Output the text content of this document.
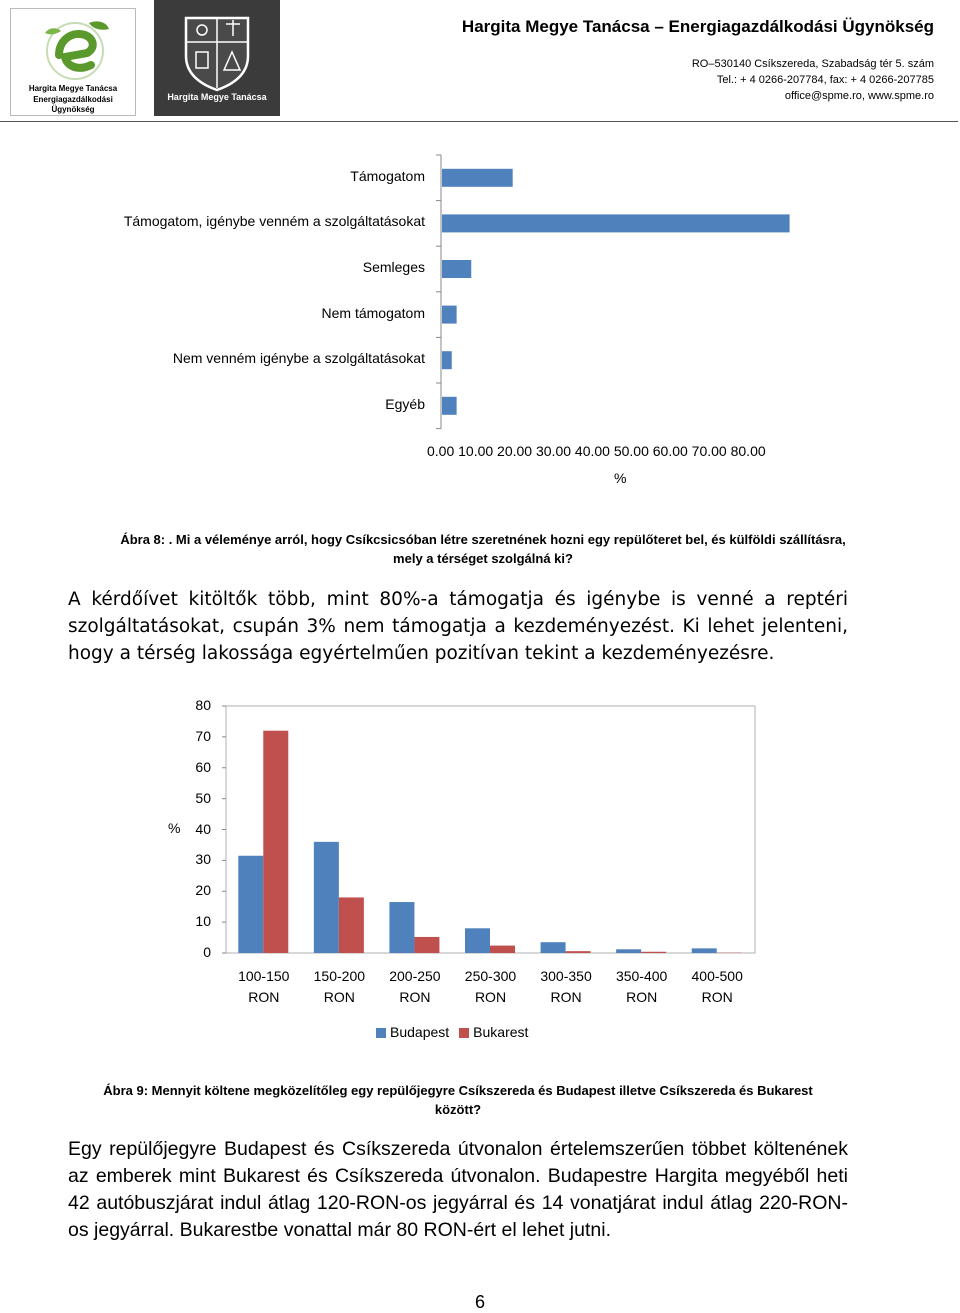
Hargita Megye Tanácsa
Energiagazdálkodási Ügynökség
Hargita Megye Tanácsa
Hargita Megye Tanácsa – Energiagazdálkodási Ügynökség
RO–530140 Csíkszereda, Szabadság tér 5. szám
Tel.: + 4 0266-207784, fax: + 4 0266-207785
office@spme.ro, www.spme.ro
Támogatom
Támogatom, igénybe venném a szolgáltatásokat
Semleges
Nem támogatom
Nem venném igénybe a szolgáltatásokat
Egyéb
0.00 10.00 20.00 30.00 40.00 50.00 60.00 70.00 80.00
%
Ábra 8: . Mi a véleménye arról, hogy Csíkcsicsóban létre szeretnének hozni egy repülőteret bel, és külföldi szállításra,
mely a térséget szolgálná ki?
A kérdőívet kitöltők több, mint 80%-a támogatja és igénybe is venné a reptéri szolgáltatásokat, csupán 3% nem támogatja a kezdeményezést. Ki lehet jelenteni, hogy a térség lakossága egyértelműen pozitívan tekint a kezdeményezésre.
0
10
20
30
40
50
60
70
80
%
100-150
RON
150-200
RON
200-250
RON
250-300
RON
300-350
RON
350-400
RON
400-500
RON
Budapest Bukarest
Ábra 9: Mennyit költene megközelítőleg egy repülőjegyre Csíkszereda és Budapest illetve Csíkszereda és Bukarest
között?
Egy repülőjegyre Budapest és Csíkszereda útvonalon értelemszerűen többet költenének az emberek mint Bukarest és Csíkszereda útvonalon. Budapestre Hargita megyéből heti 42 autóbuszjárat indul átlag 120-RON-os jegyárral és 14 vonatjárat indul átlag 220-RON-os jegyárral. Bukarestbe vonattal már 80 RON-ért el lehet jutni.
6
